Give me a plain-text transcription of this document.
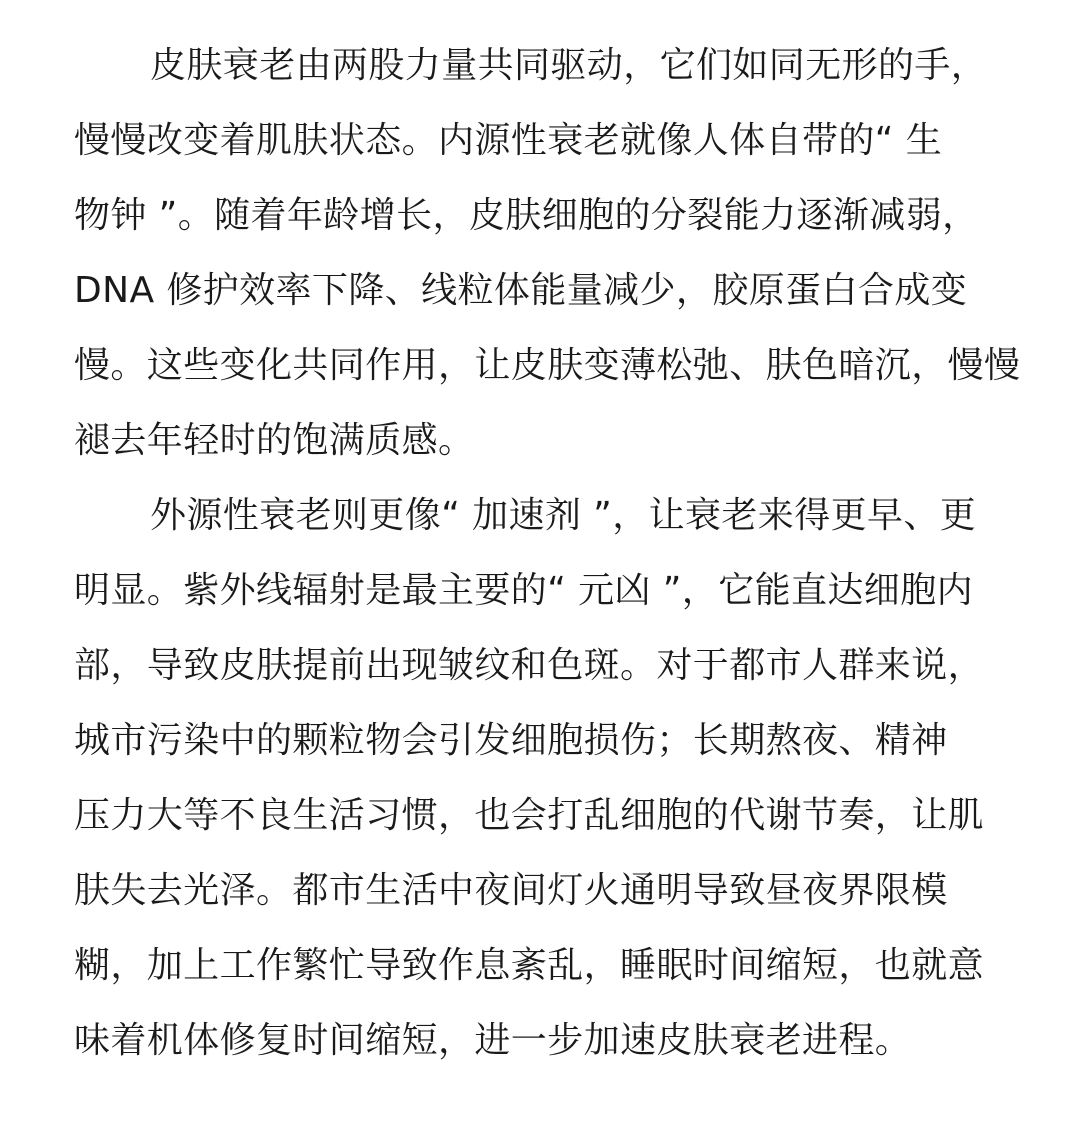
皮肤衰老由两股力量共同驱动，它们如同无形的手，
慢慢改变着肌肤状态。内源性衰老就像人体自带的“ 生
物钟 ”。随着年龄增长，皮肤细胞的分裂能力逐渐减弱，
DNA 修护效率下降、线粒体能量减少，胶原蛋白合成变
慢。这些变化共同作用，让皮肤变薄松弛、肤色暗沉，慢慢
褪去年轻时的饱满质感。
外源性衰老则更像“ 加速剂 ”，让衰老来得更早、更
明显。紫外线辐射是最主要的“ 元凶 ”，它能直达细胞内
部，导致皮肤提前出现皱纹和色斑。对于都市人群来说，
城市污染中的颗粒物会引发细胞损伤；长期熬夜、精神
压力大等不良生活习惯，也会打乱细胞的代谢节奏，让肌
肤失去光泽。都市生活中夜间灯火通明导致昼夜界限模
糊，加上工作繁忙导致作息紊乱，睡眠时间缩短，也就意
味着机体修复时间缩短，进一步加速皮肤衰老进程。
